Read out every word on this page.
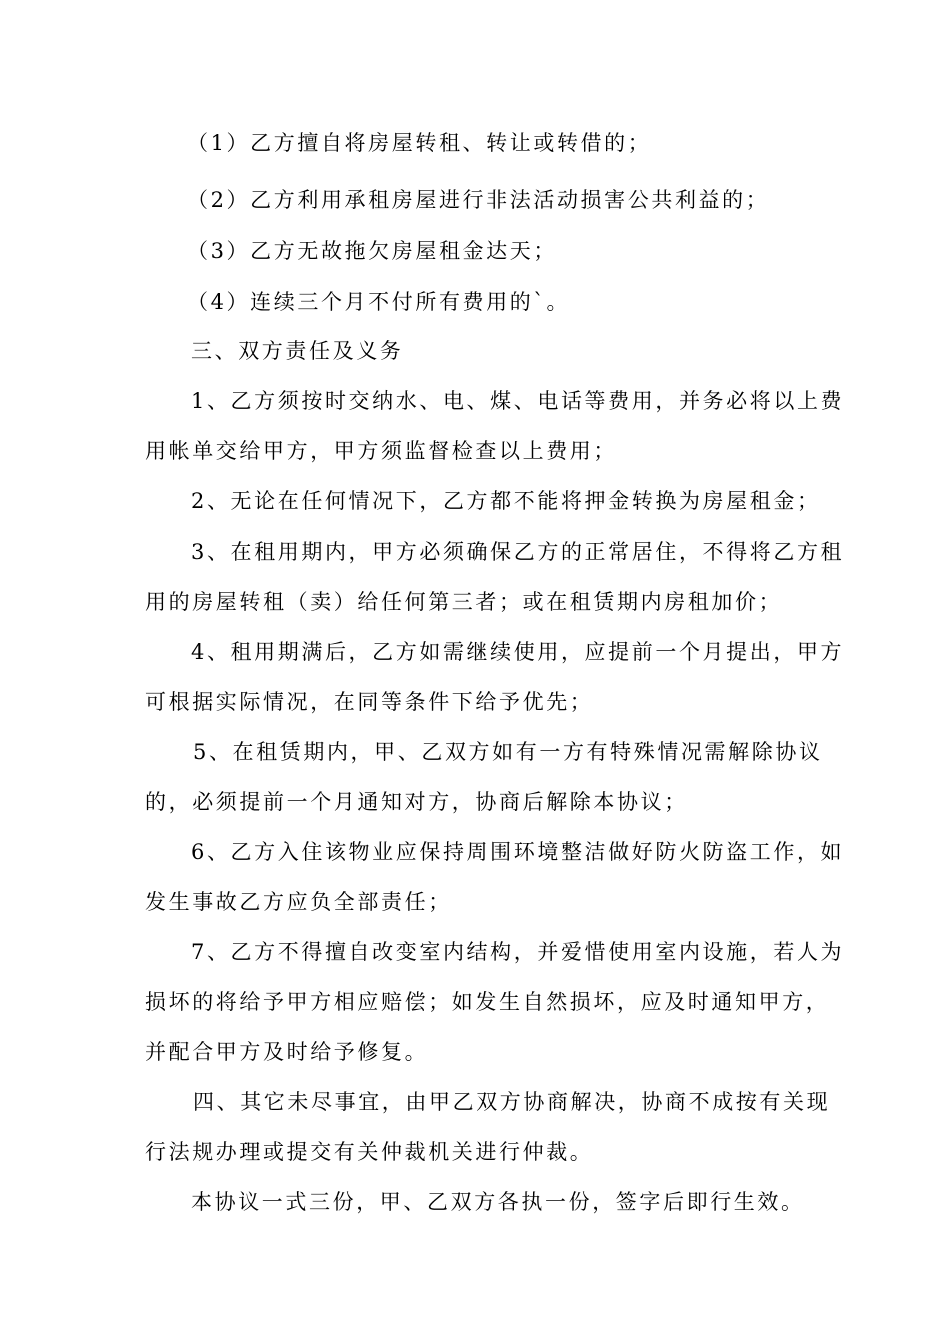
（1）乙方擅自将房屋转租、转让或转借的；
（2）乙方利用承租房屋进行非法活动损害公共利益的；
（3）乙方无故拖欠房屋租金达天；
（4）连续三个月不付所有费用的`。
三、双方责任及义务
1、乙方须按时交纳水、电、煤、电话等费用，并务必将以上费
用帐单交给甲方，甲方须监督检查以上费用；
2、无论在任何情况下，乙方都不能将押金转换为房屋租金；
3、在租用期内，甲方必须确保乙方的正常居住，不得将乙方租
用的房屋转租（卖）给任何第三者；或在租赁期内房租加价；
4、租用期满后，乙方如需继续使用，应提前一个月提出，甲方
可根据实际情况，在同等条件下给予优先；
5、在租赁期内，甲、乙双方如有一方有特殊情况需解除协议
的，必须提前一个月通知对方，协商后解除本协议；
6、乙方入住该物业应保持周围环境整洁做好防火防盗工作，如
发生事故乙方应负全部责任；
7、乙方不得擅自改变室内结构，并爱惜使用室内设施，若人为
损坏的将给予甲方相应赔偿；如发生自然损坏，应及时通知甲方，
并配合甲方及时给予修复。
四、其它未尽事宜，由甲乙双方协商解决，协商不成按有关现
行法规办理或提交有关仲裁机关进行仲裁。
本协议一式三份，甲、乙双方各执一份，签字后即行生效。
